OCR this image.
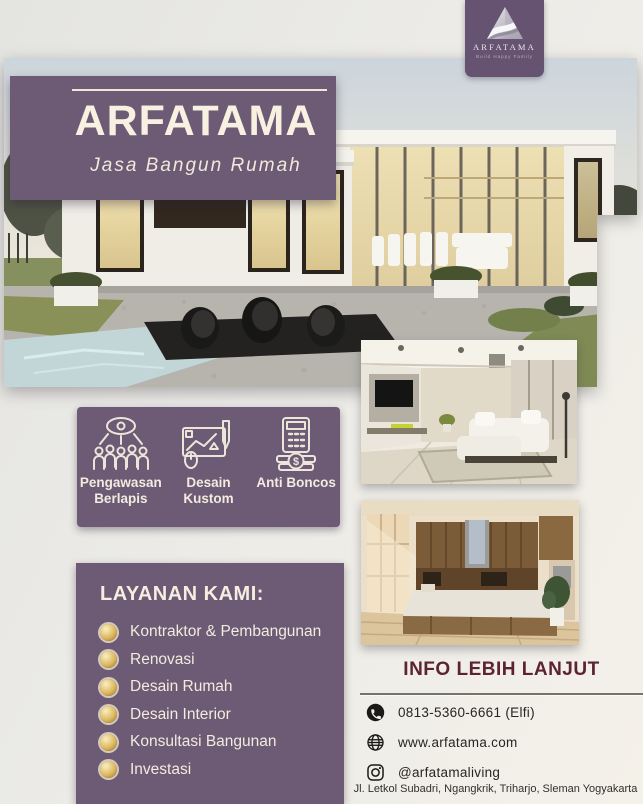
ARFATAMA
Jasa Bangun Rumah
ARFATAMA
Build Happy Family
Pengawasan Berlapis
Desain Kustom
$
Anti Boncos
LAYANAN KAMI:
Kontraktor & Pembangunan
Renovasi
Desain Rumah
Desain Interior
Konsultasi Bangunan
Investasi
INFO LEBIH LANJUT
0813-5360-6661 (Elfi)
www.arfatama.com
@arfatamaliving
Jl. Letkol Subadri, Ngangkrik, Triharjo, Sleman Yogyakarta
